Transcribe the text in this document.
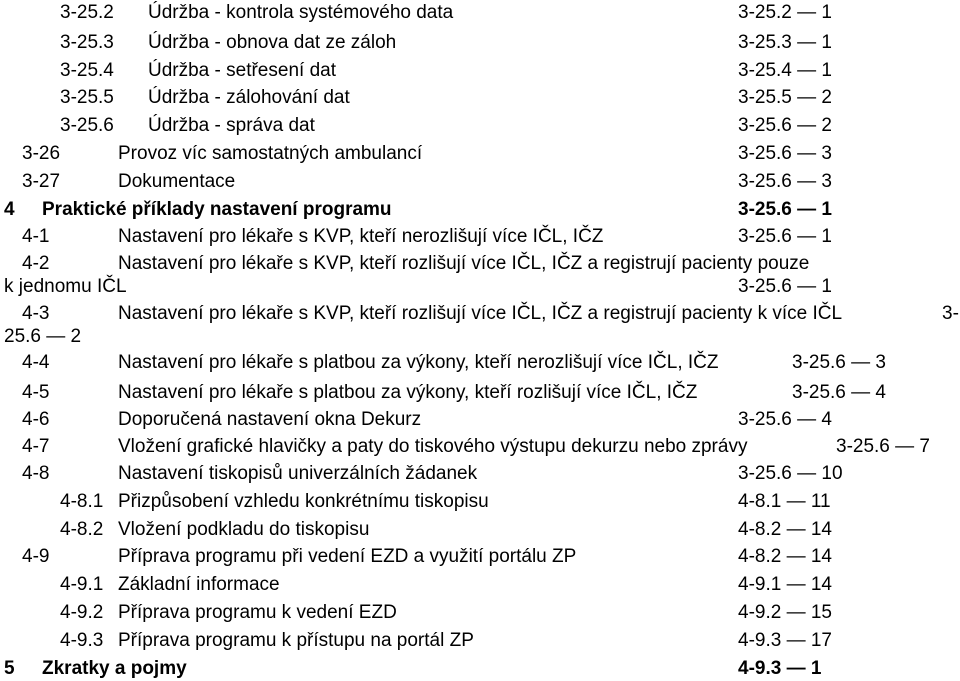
3-25.2 Údržba - kontrola systémového data	3-25.2 — 1
3-25.3 Údržba - obnova dat ze záloh	3-25.3 — 1
3-25.4 Údržba - setřesení dat	3-25.4 — 1
3-25.5 Údržba - zálohování dat	3-25.5 — 2
3-25.6 Údržba - správa dat	3-25.6 — 2
3-26	Provoz víc samostatných ambulancí	3-25.6 — 3
3-27	Dokumentace	3-25.6 — 3
4 Praktické příklady nastavení programu	3-25.6 — 1
4-1	Nastavení pro lékaře s KVP, kteří nerozlišují více IČL, IČZ	3-25.6 — 1
4-2	Nastavení pro lékaře s KVP, kteří rozlišují více IČL, IČZ a registrují pacienty pouze
k jednomu IČL	3-25.6 — 1
4-3	Nastavení pro lékaře s KVP, kteří rozlišují více IČL, IČZ a registrují pacienty k více IČL	3-
25.6 — 2
4-4	Nastavení pro lékaře s platbou za výkony, kteří nerozlišují více IČL, IČZ	3-25.6 — 3
4-5	Nastavení pro lékaře s platbou za výkony, kteří rozlišují více IČL, IČZ	3-25.6 — 4
4-6	Doporučená nastavení okna Dekurz	3-25.6 — 4
4-7	Vložení grafické hlavičky a paty do tiskového výstupu dekurzu nebo zprávy	3-25.6 — 7
4-8	Nastavení tiskopisů univerzálních žádanek	3-25.6 — 10
4-8.1 Přizpůsobení vzhledu konkrétnímu tiskopisu	4-8.1 — 11
4-8.2 Vložení podkladu do tiskopisu	4-8.2 — 14
4-9	Příprava programu při vedení EZD a využití portálu ZP	4-8.2 — 14
4-9.1 Základní informace	4-9.1 — 14
4-9.2 Příprava programu k vedení EZD	4-9.2 — 15
4-9.3 Příprava programu k přístupu na portál ZP	4-9.3 — 17
5 Zkratky a pojmy	4-9.3 — 1
